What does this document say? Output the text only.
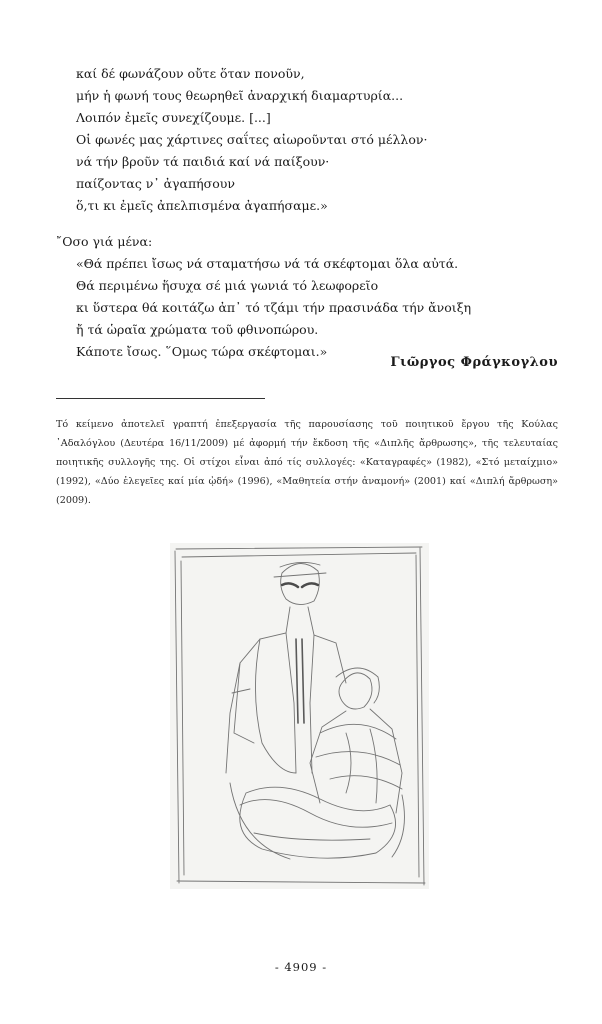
καί δέ φωνάζουν οὔτε ὅταν πονοῦν,
μήν ἡ φωνή τους θεωρηθεῖ ἀναρχική διαμαρτυρία...
Λοιπόν ἐμεῖς συνεχίζουμε. [...]
Οἱ φωνές μας χάρτινες σαΐτες αἰωροῦνται στό μέλλον·
νά τήν βροῦν τά παιδιά καί νά παίξουν·
παίζοντας ν᾿ ἀγαπήσουν
ὅ,τι κι ἐμεῖς ἀπελπισμένα ἀγαπήσαμε.»
῎Οσο γιά μένα:
«Θά πρέπει ἴσως νά σταματήσω νά τά σκέφτομαι ὅλα αὐτά.
Θά περιμένω ἥσυχα σέ μιά γωνιά τό λεωφορεῖο
κι ὕστερα θά κοιτάζω ἀπ᾿ τό τζάμι τήν πρασινάδα τήν ἄνοιξη
ἤ τά ὡραῖα χρώματα τοῦ φθινοπώρου.
Κάποτε ἴσως. ῞Ομως τώρα σκέφτομαι.»
Γιῶργος Φράγκογλου
Τό κείμενο ἀποτελεῖ γραπτή ἐπεξεργασία τῆς παρουσίασης τοῦ ποιητικοῦ ἔργου τῆς Κούλας ᾿Αδαλόγλου (Δευτέρα 16/11/2009) μέ ἀφορμή τήν ἔκδοση τῆς «Διπλῆς ἄρθρωσης», τῆς τελευταίας ποιητικῆς συλλογῆς της. Οἱ στίχοι εἶναι ἀπό τίς συλλογές: «Καταγραφές» (1982), «Στό μεταίχμιο» (1992), «Δύο ἐλεγεῖες καί μία ᾠδή» (1996), «Μαθητεία στήν ἀναμονή» (2001) καί «Διπλή ἄρθρωση» (2009).
- 4909 -
